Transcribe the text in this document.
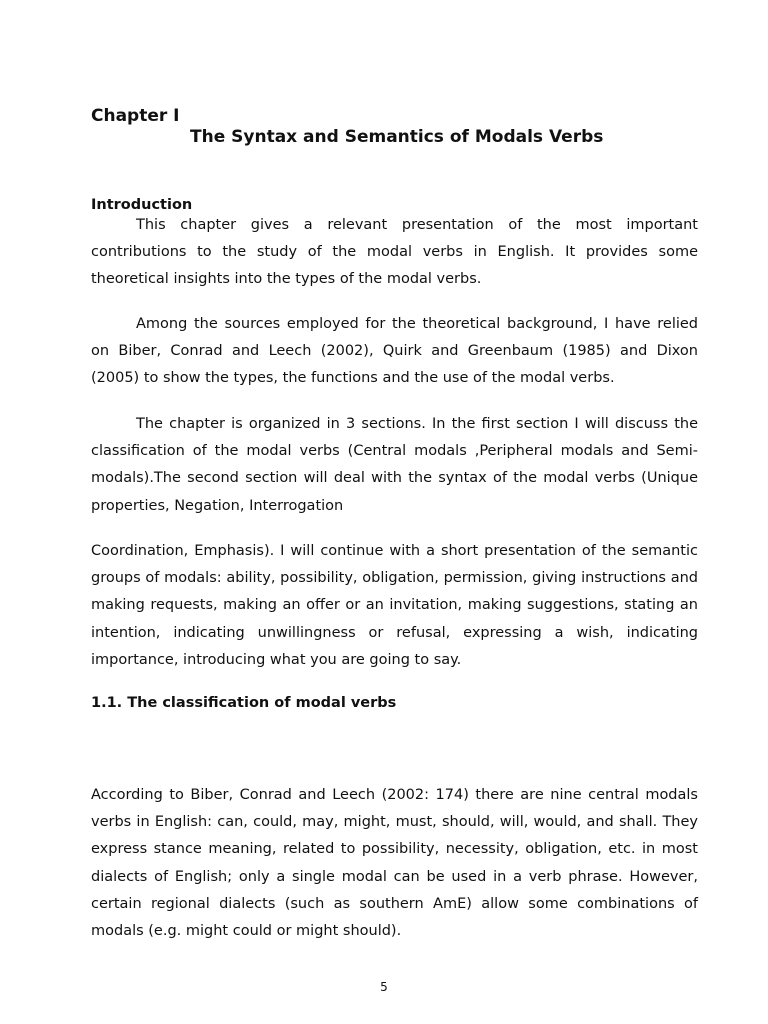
Chapter I
The Syntax and Semantics of Modals Verbs
Introduction

This chapter gives a relevant presentation of the most important contributions to the study of the modal verbs in English. It provides some theoretical insights into the types of the modal verbs.

Among the sources employed for the theoretical background, I have relied on Biber, Conrad and Leech (2002), Quirk and Greenbaum (1985) and Dixon (2005) to show the types, the functions and the use of the modal verbs.

The chapter is organized in 3 sections. In the first section I will discuss the classification of the modal verbs (Central modals ,Peripheral modals and Semi-modals).The second section will deal with the syntax of the modal verbs (Unique properties, Negation, Interrogation

Coordination, Emphasis). I will continue with a short presentation of the semantic groups of modals: ability, possibility, obligation, permission, giving instructions and making requests, making an offer or an invitation, making suggestions, stating an intention, indicating unwillingness or refusal, expressing a wish, indicating importance, introducing what you are going to say.

1.1. The classification of modal verbs

According to Biber, Conrad and Leech (2002: 174) there are nine central modals verbs in English: can, could, may, might, must, should, will, would, and shall. They express stance meaning, related to possibility, necessity, obligation, etc. in most dialects of English; only a single modal can be used in a verb phrase. However, certain regional dialects (such as southern AmE) allow some combinations of modals (e.g. might could or might should).

5
